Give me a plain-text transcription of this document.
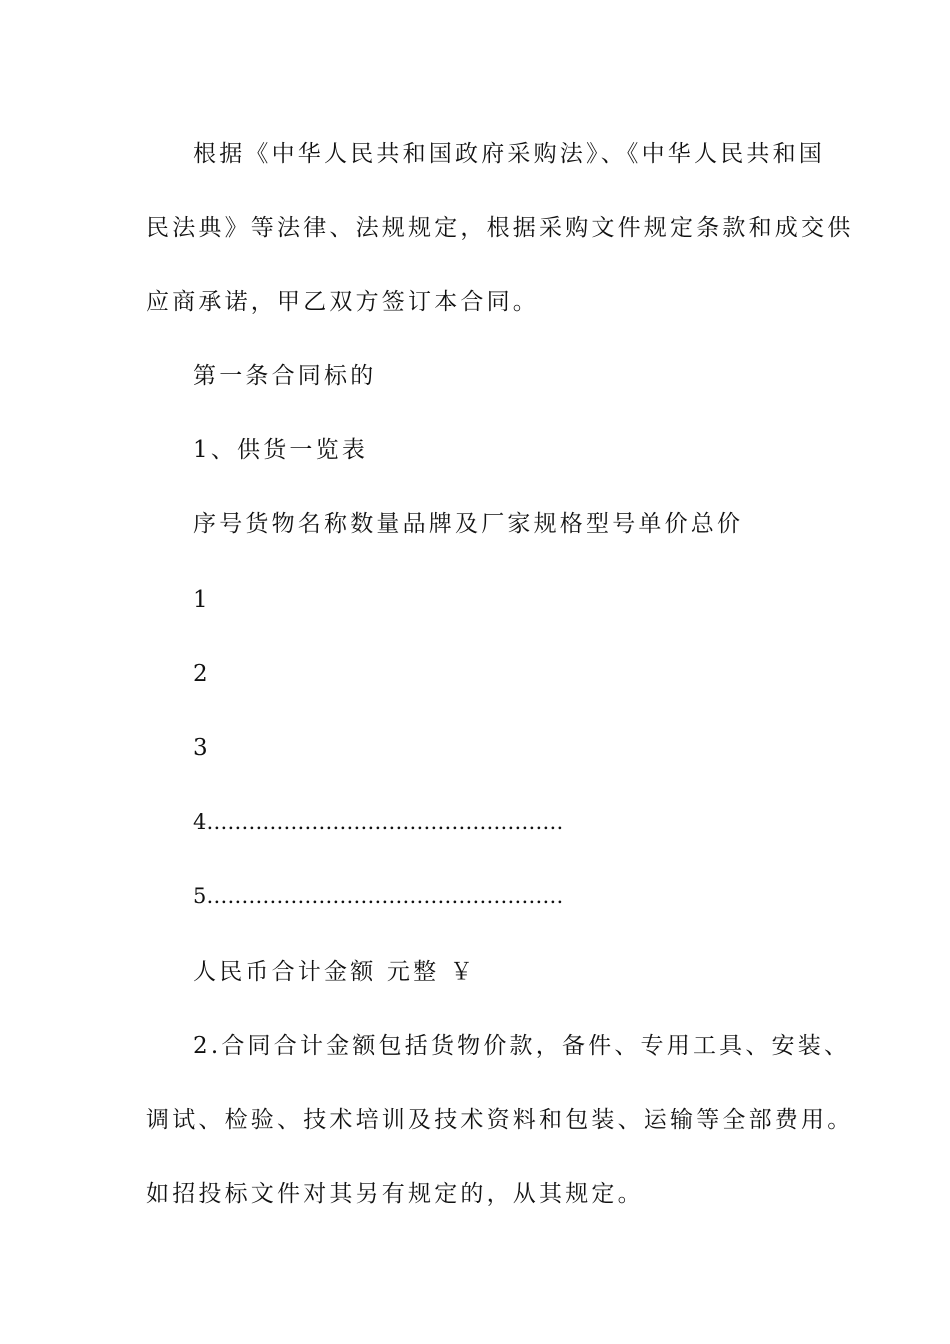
根据《中华人民共和国政府采购法》、《中华人民共和国
民法典》等法律、法规规定，根据采购文件规定条款和成交供
应商承诺，甲乙双方签订本合同。
第一条合同标的
1、供货一览表
序号货物名称数量品牌及厂家规格型号单价总价
1
2
3
4……………………………………………
5……………………………………………
人民币合计金额 元整 ￥
2.合同合计金额包括货物价款，备件、专用工具、安装、
调试、检验、技术培训及技术资料和包装、运输等全部费用。
如招投标文件对其另有规定的，从其规定。
